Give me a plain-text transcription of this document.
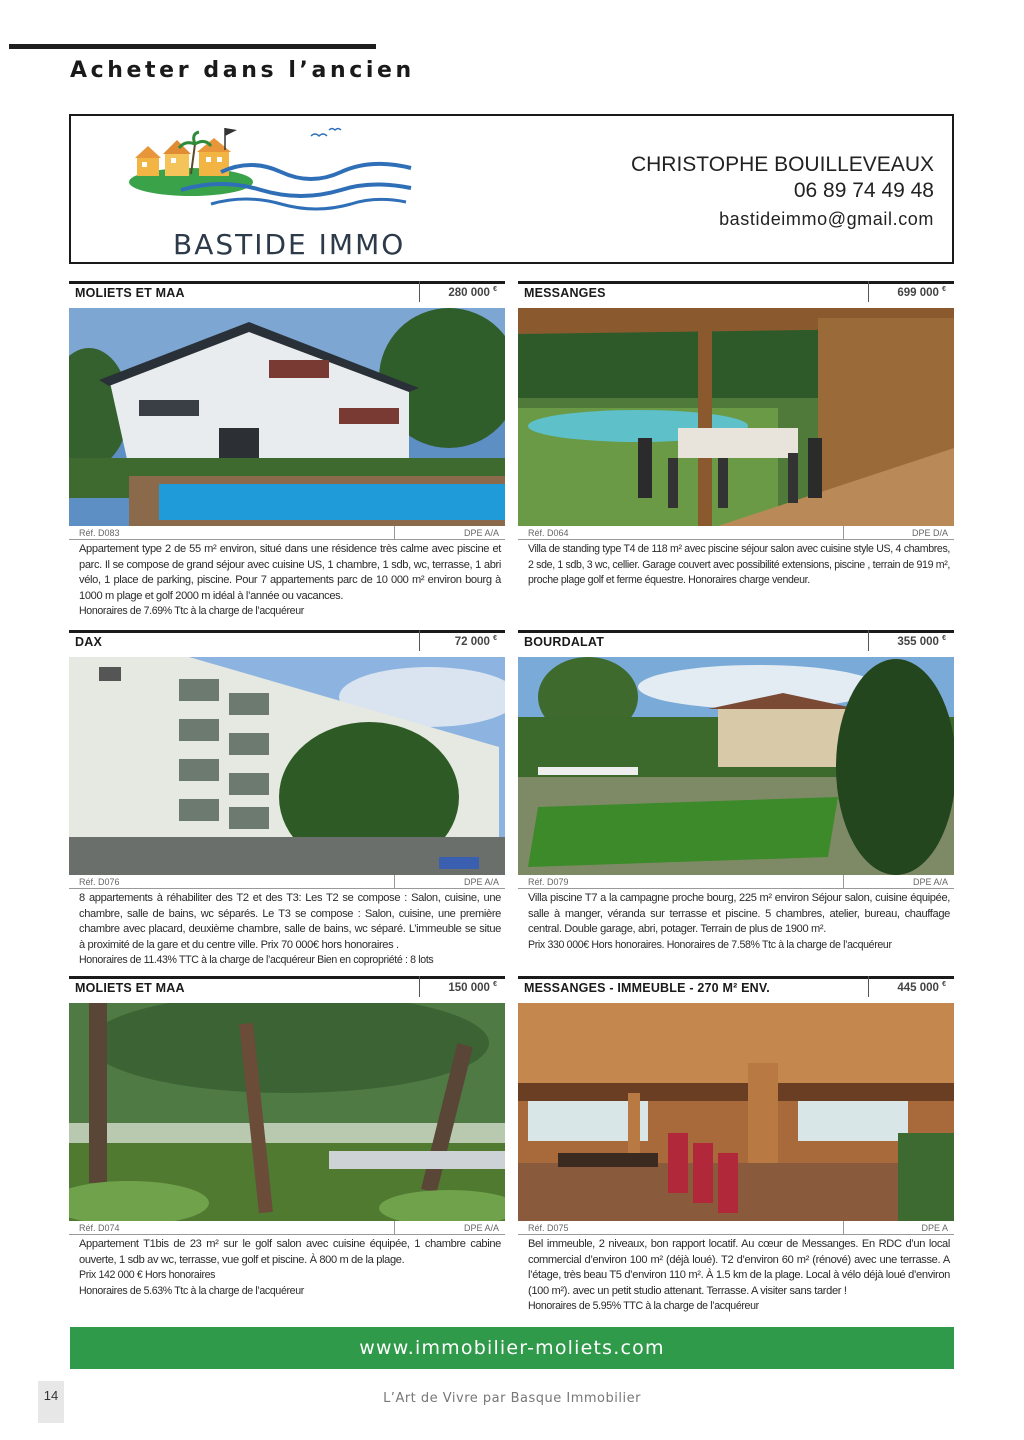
Acheter dans l’ancien
BASTIDE IMMO
CHRISTOPHE BOUILLEVEAUX
06 89 74 49 48
bastideimmo@gmail.com
MOLIETS ET MAA	280 000 €
Réf. D083	DPE A/A

Appartement type 2 de 55 m² environ, situé dans une résidence très calme avec piscine et parc. Il se compose de grand séjour avec cuisine US, 1 chambre, 1 sdb, wc, terrasse, 1 abri vélo, 1 place de parking, piscine. Pour 7 appartements parc de 10 000 m² environ bourg à 1000 m plage et golf 2000 m idéal à l’année ou vacances.

Honoraires de 7.69% Ttc à la charge de l’acquéreur

MESSANGES	699 000 €
Réf. D064	DPE D/A

Villa de standing type T4 de 118 m² avec piscine séjour salon avec cuisine style US, 4 chambres, 2 sde, 1 sdb, 3 wc, cellier. Garage couvert avec possibilité extensions, piscine , terrain de 919 m², proche plage golf et ferme équestre. Honoraires charge vendeur.

DAX	72 000 €
Réf. D076	DPE A/A

8 appartements à réhabiliter des T2 et des T3: Les T2 se compose : Salon, cuisine, une chambre, salle de bains, wc séparés. Le T3 se compose : Salon, cuisine, une première chambre avec placard, deuxième chambre, salle de bains, wc séparé. L’immeuble se situe à proximité de la gare et du centre ville. Prix 70 000€ hors honoraires .

Honoraires de 11.43% TTC à la charge de l’acquéreur Bien en copropriété : 8 lots

BOURDALAT	355 000 €
Réf. D079	DPE A/A

Villa piscine T7 a la campagne proche bourg, 225 m² environ Séjour salon, cuisine équipée, salle à manger, véranda sur terrasse et piscine. 5 chambres, atelier, bureau, chauffage central. Double garage, abri, potager. Terrain de plus de 1900 m².

Prix 330 000€ Hors honoraires. Honoraires de 7.58% Ttc à la charge de l’acquéreur

MOLIETS ET MAA	150 000 €
Réf. D074	DPE A/A

Appartement T1bis de 23 m² sur le golf salon avec cuisine équipée, 1 chambre cabine ouverte, 1 sdb av wc, terrasse, vue golf et piscine. À 800 m de la plage.

Prix 142 000 € Hors honoraires

Honoraires de 5.63% Ttc à la charge de l’acquéreur

MESSANGES - IMMEUBLE - 270 M² ENV.	445 000 €
Réf. D075	DPE A

Bel immeuble, 2 niveaux, bon rapport locatif. Au cœur de Messanges. En RDC d’un local commercial d’environ 100 m² (déjà loué). T2 d’environ 60 m² (rénové) avec une terrasse. A l’étage, très beau T5 d’environ 110 m². À 1.5 km de la plage. Local à vélo déjà loué d’environ (100 m²). avec un petit studio attenant. Terrasse. A visiter sans tarder !

Honoraires de 5.95% TTC à la charge de l’acquéreur

www.immobilier-moliets.com
14	L’Art de Vivre par Basque Immobilier
